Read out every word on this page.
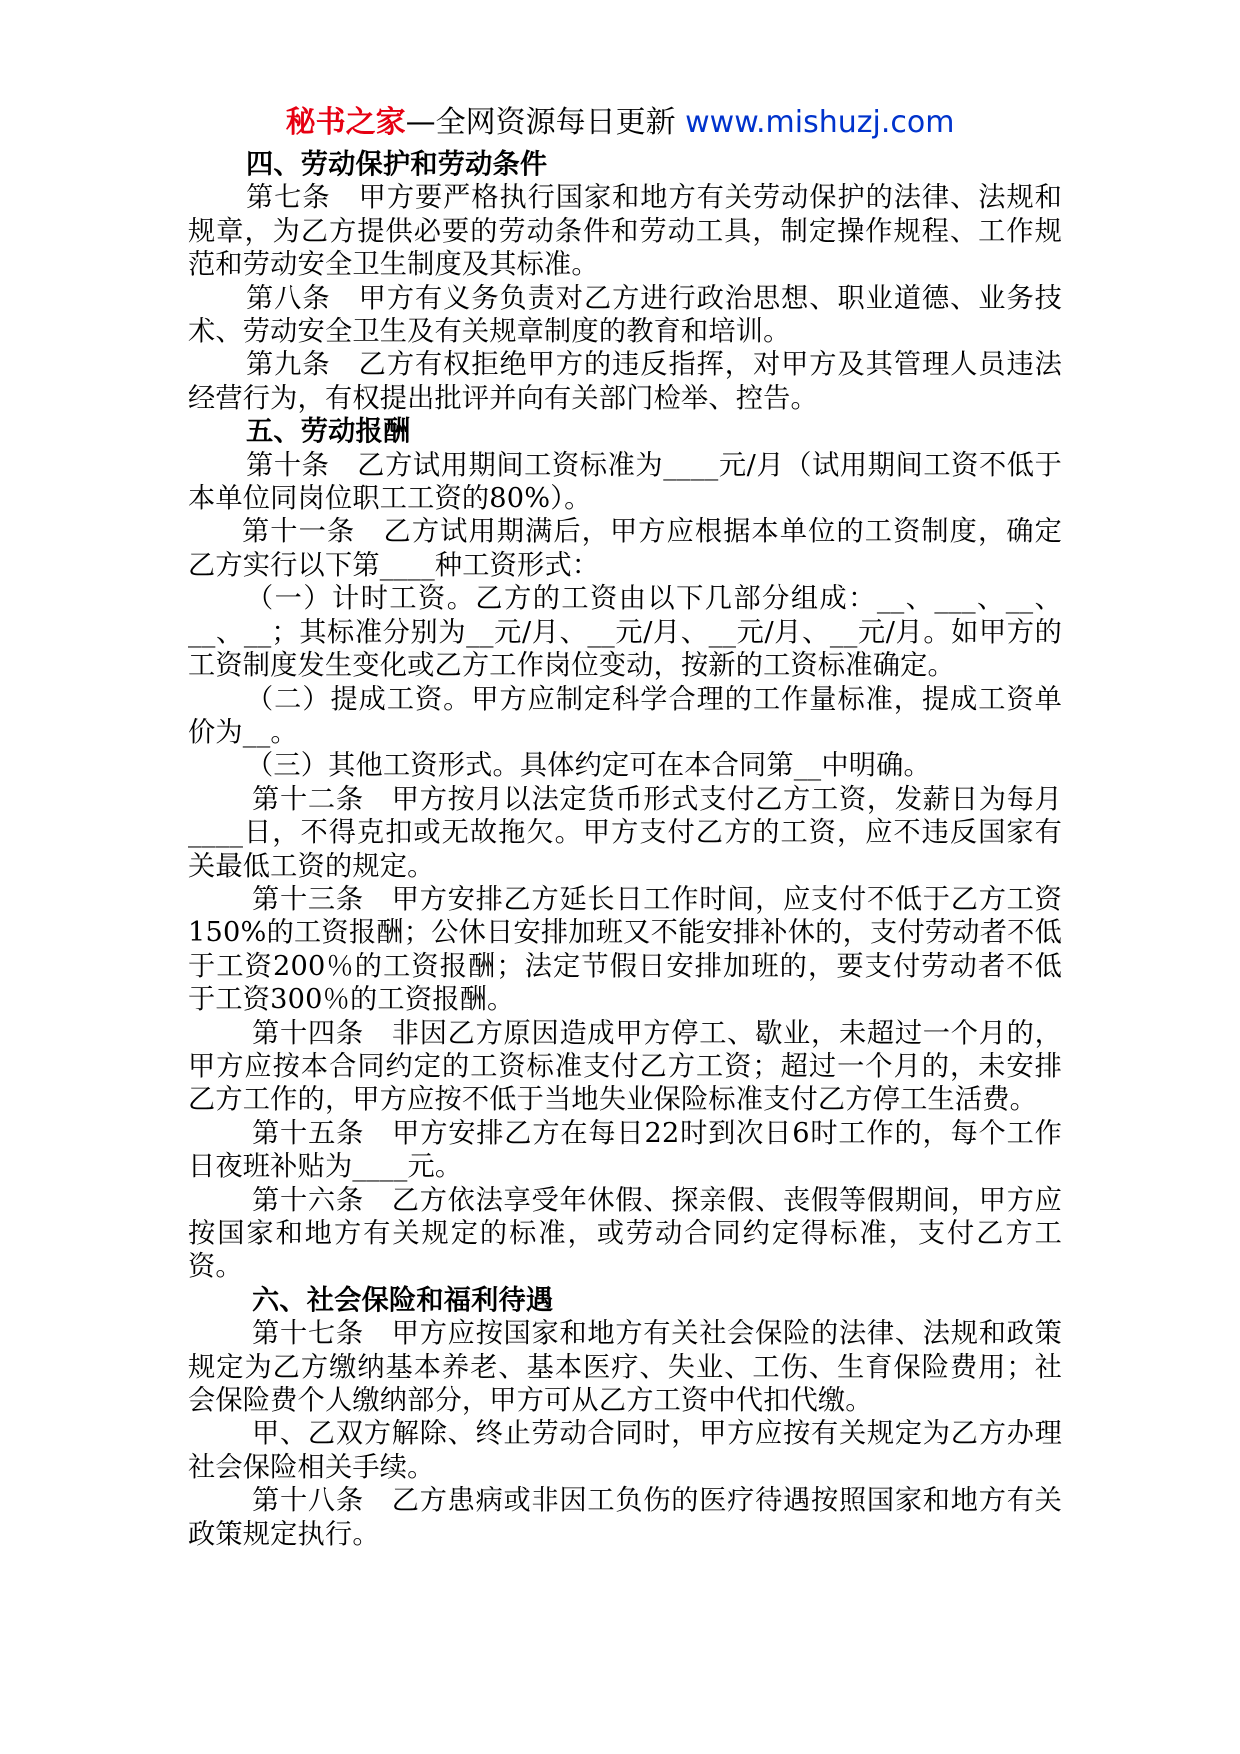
秘书之家—全网资源每日更新 www.mishuzj.com

四、劳动保护和劳动条件

第七条　甲方要严格执行国家和地方有关劳动保护的法律、法规和规章，为乙方提供必要的劳动条件和劳动工具，制定操作规程、工作规范和劳动安全卫生制度及其标准。

第八条　甲方有义务负责对乙方进行政治思想、职业道德、业务技术、劳动安全卫生及有关规章制度的教育和培训。

第九条　乙方有权拒绝甲方的违反指挥，对甲方及其管理人员违法经营行为，有权提出批评并向有关部门检举、控告。

五、劳动报酬

第十条　乙方试用期间工资标准为____元/月（试用期间工资不低于本单位同岗位职工工资的80%）。

第十一条　乙方试用期满后，甲方应根据本单位的工资制度，确定乙方实行以下第____种工资形式：

（一）计时工资。乙方的工资由以下几部分组成：__、___、__、__、__；其标准分别为__元/月、__元/月、__元/月、__元/月。如甲方的工资制度发生变化或乙方工作岗位变动，按新的工资标准确定。

（二）提成工资。甲方应制定科学合理的工作量标准，提成工资单价为__。

（三）其他工资形式。具体约定可在本合同第__中明确。

第十二条　甲方按月以法定货币形式支付乙方工资，发薪日为每月____日，不得克扣或无故拖欠。甲方支付乙方的工资，应不违反国家有关最低工资的规定。

第十三条　甲方安排乙方延长日工作时间，应支付不低于乙方工资150%的工资报酬；公休日安排加班又不能安排补休的，支付劳动者不低于工资200％的工资报酬；法定节假日安排加班的，要支付劳动者不低于工资300％的工资报酬。

第十四条　非因乙方原因造成甲方停工、歇业，未超过一个月的，甲方应按本合同约定的工资标准支付乙方工资；超过一个月的，未安排乙方工作的，甲方应按不低于当地失业保险标准支付乙方停工生活费。

第十五条　甲方安排乙方在每日22时到次日6时工作的，每个工作日夜班补贴为____元。

第十六条　乙方依法享受年休假、探亲假、丧假等假期间，甲方应按国家和地方有关规定的标准，或劳动合同约定得标准，支付乙方工资。

六、社会保险和福利待遇

第十七条　甲方应按国家和地方有关社会保险的法律、法规和政策规定为乙方缴纳基本养老、基本医疗、失业、工伤、生育保险费用；社会保险费个人缴纳部分，甲方可从乙方工资中代扣代缴。

甲、乙双方解除、终止劳动合同时，甲方应按有关规定为乙方办理社会保险相关手续。

第十八条　乙方患病或非因工负伤的医疗待遇按照国家和地方有关政策规定执行。
